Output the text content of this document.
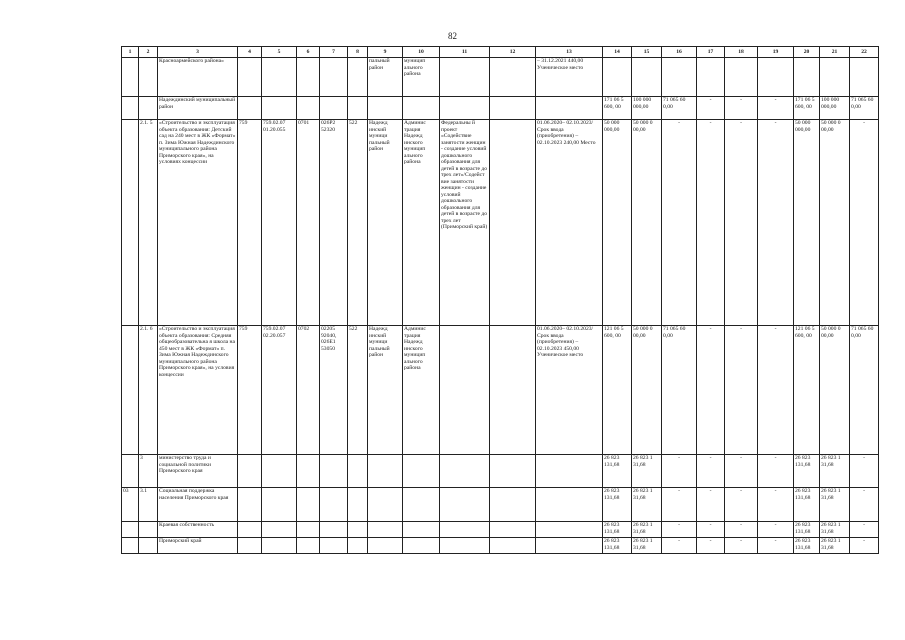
82
1	2	3	4	5	6	7	8	9	10	11	12	13	14	15	16	17	18	19	20	21	22
		Красноармейского района»						пальный район	муницип ального района			– 31.12.2021 440,00 Ученическое место									
		Надеждинский муниципальный район											171 06 5 600, 00	100 000 000,00	71 065 60 0,00	-	-	-	171 06 5 600, 00	100 000 000,00	71 065 60 0,00
	2.1. 5	«Строительство и эксплуатация объекта образования: Детский сад на 240 мест в ЖК «Формат» п. Зима Южная Надеждинского муниципального района Приморского края», на условиях концессии	759	759.02.07 01.20.055	0701	026P2 52320	522	Надежд инский муници пальный район	Админис трация Надежд инского муницип ального района	Федеральны й проект «Содействие занятости женщин - создание условий дошкольного образования для детей в возрасте до трех лет»/Содейст вие занятости женщин - создание условий дошкольного образования для детей в возрасте до трех лет (Приморский край)		01.06.2020– 02.10.2023/ Срок ввода (приобретения) – 02.10.2023 240,00 Место	50 000 000,00	50 000 0 00,00	-	-	-	-	50 000 000,00	50 000 0 00,00	-
	2.1. 6	«Строительство и эксплуатация объекта образования: Средняя общеобразовательна я школа на 450 мест в ЖК «Формат» п. Зима Южная Надеждинского муниципального района Приморского края», на условия концессии	759	759.02.07 02.20.057	0702	02205 92040, 026E1 53050	522	Надежд инский муници пальный район	Админис трация Надежд инского муницип ального района			01.06.2020– 02.10.2023/ Срок ввода (приобретения) – 02.10.2023 450,00 Ученическое место	121 06 5 600, 00	50 000 0 00,00	71 065 60 0,00	-	-	-	121 06 5 600, 00	50 000 0 00,00	71 065 60 0,00
	3	министерство труда и социальной политики Приморского края											26 823 131,68	26 823 1 31,68	-	-	-	-	26 823 131,68	26 823 1 31,68	-
03	3.1	Социальная поддержка населения Приморского края											26 823 131,68	26 823 1 31,68	-	-	-	-	26 823 131,68	26 823 1 31,68	-
		Краевая собственность											26 823 131,68	26 823 1 31,68	-	-	-	-	26 823 131,68	26 823 1 31,68	-
		Приморский край											26 823 131,68	26 823 1 31,68	-	-	-	-	26 823 131,68	26 823 1 31,68	-
